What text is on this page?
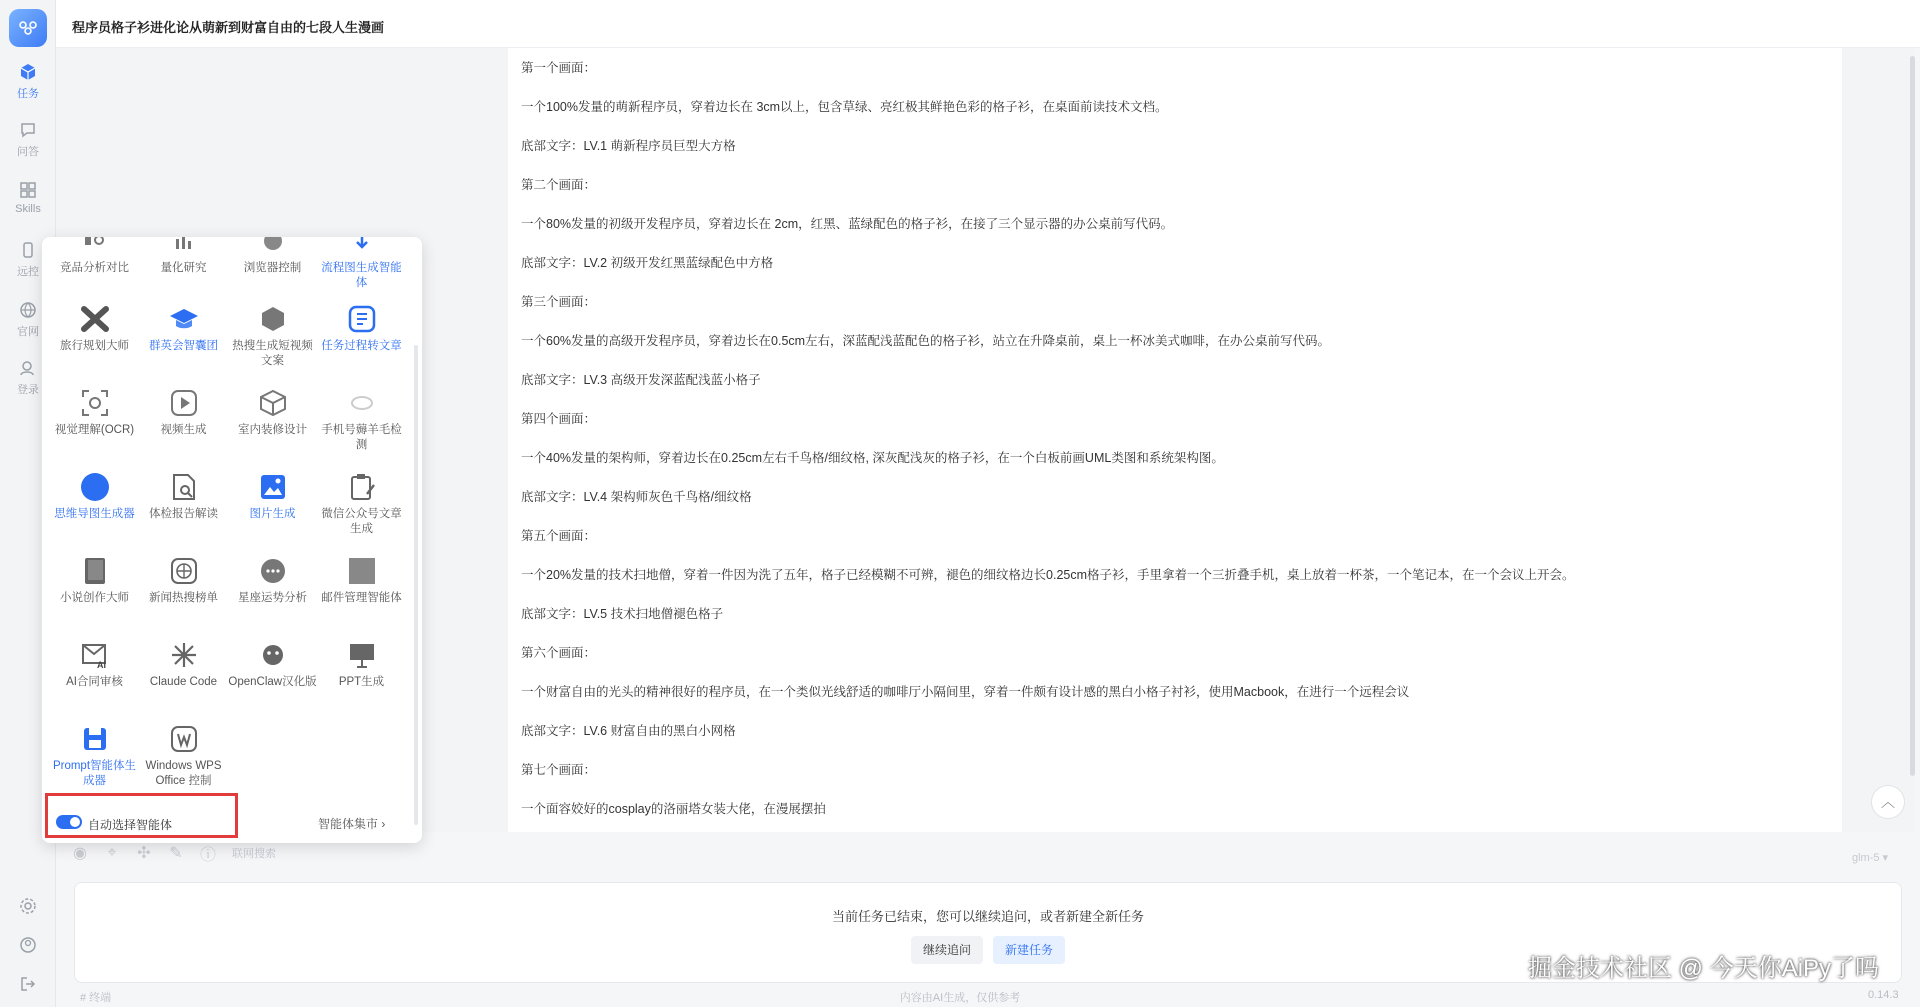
任务
问答
Skills
远控
官网
登录
程序员格子衫进化论从萌新到财富自由的七段人生漫画

第一个画面：

一个100%发量的萌新程序员，穿着边长在 3cm以上，包含草绿、亮红极其鲜艳色彩的格子衫，在桌面前读技术文档。

底部文字：LV.1 萌新程序员巨型大方格

第二个画面：

一个80%发量的初级开发程序员，穿着边长在 2cm，红黑、蓝绿配色的格子衫，在接了三个显示器的办公桌前写代码。

底部文字：LV.2 初级开发红黑蓝绿配色中方格

第三个画面：

一个60%发量的高级开发程序员，穿着边长在0.5cm左右，深蓝配浅蓝配色的格子衫，站立在升降桌前，桌上一杯冰美式咖啡，在办公桌前写代码。

底部文字：LV.3 高级开发深蓝配浅蓝小格子

第四个画面：

一个40%发量的架构师，穿着边长在0.25cm左右千鸟格/细纹格, 深灰配浅灰的格子衫，在一个白板前画UML类图和系统架构图。

底部文字：LV.4 架构师灰色千鸟格/细纹格

第五个画面：

一个20%发量的技术扫地僧，穿着一件因为洗了五年，格子已经模糊不可辨，褪色的细纹格边长0.25cm格子衫，手里拿着一个三折叠手机，桌上放着一杯茶，一个笔记本，在一个会议上开会。

底部文字：LV.5 技术扫地僧褪色格子

第六个画面：

一个财富自由的光头的精神很好的程序员，在一个类似光线舒适的咖啡厅小隔间里，穿着一件颇有设计感的黑白小格子衬衫，使用Macbook，在进行一个远程会议

底部文字：LV.6 财富自由的黑白小网格

第七个画面：

一个面容姣好的cosplay的洛丽塔女装大佬，在漫展摆拍	︿
◉ ⌖ ✣ ✎ ⓘ 联网搜索	glm-5 ▾
当前任务已结束，您可以继续追问，或者新建全新任务
继续追问	新建任务
# 终端	内容由AI生成，仅供参考	0.14.3
掘金技术社区 @ 今天你AiPy了吗
竞品分析对比	量化研究	浏览器控制	流程图生成智能体
旅行规划大师	群英会智囊团	热搜生成短视频文案
任务过程转文章
视觉理解(OCR)	视频生成	室内装修设计	手机号薅羊毛检测
思维导图生成器	体检报告解读	图片生成	微信公众号文章生成
小说创作大师	新闻热搜榜单	星座运势分析	邮件管理智能体
AI
AI合同审核	Claude Code OpenClaw汉化版	PPT生成
Prompt智能体生成器
Windows WPS Office 控制
自动选择智能体	智能体集市 ›
